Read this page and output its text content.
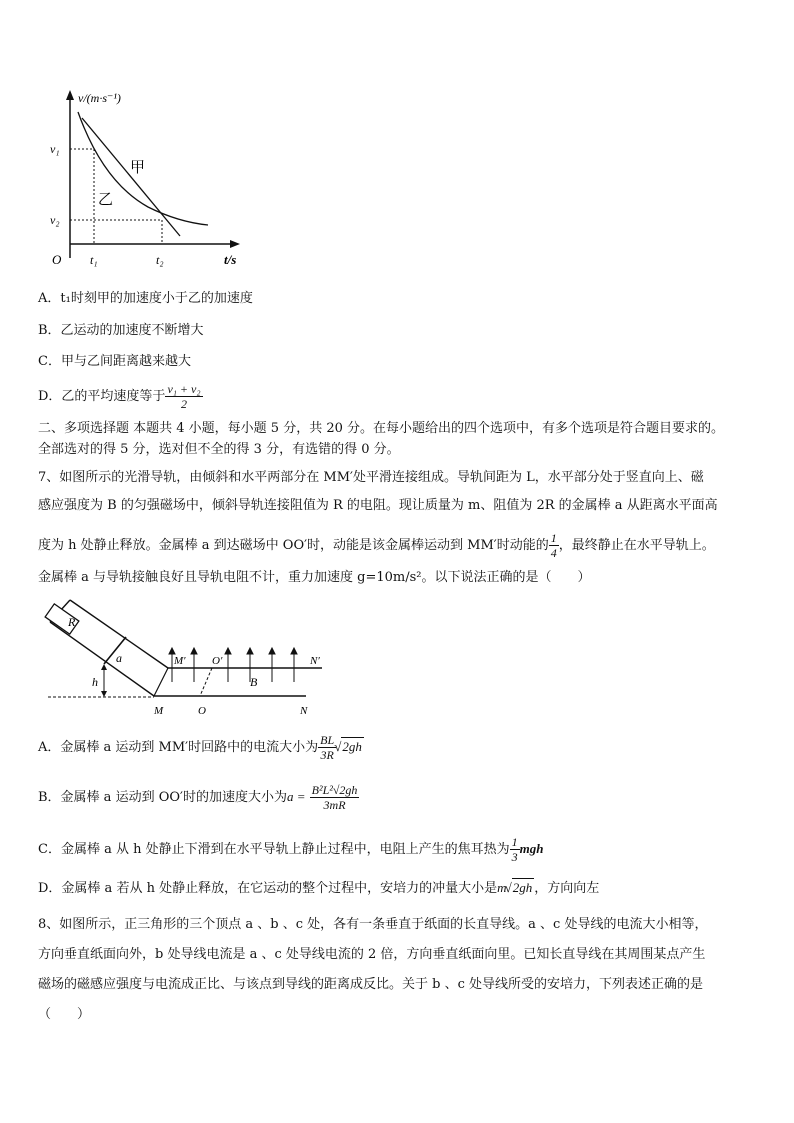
v/(m·s⁻¹)
v₁
v₂
O t₁	t₂	t/s
甲
乙
A．t₁时刻甲的加速度小于乙的加速度
B．乙运动的加速度不断增大
C．甲与乙间距离越来越大
D．乙的平均速度等于 $\frac{\text{v₁ + v₂}}{2}$
二、多项选择题 本题共 4 小题，每小题 5 分，共 20 分。在每小题给出的四个选项中，有多个选项是符合题目要求的。
全部选对的得 5 分，选对但不全的得 3 分，有选错的得 0 分。
7、如图所示的光滑导轨，由倾斜和水平两部分在 MM′处平滑连接组成。导轨间距为 L，水平部分处于竖直向上、磁
感应强度为 B 的匀强磁场中，倾斜导轨连接阻值为 R 的电阻。现让质量为 m、阻值为 2R 的金属棒 a 从距离水平面高
度为 h 处静止释放。金属棒 a 到达磁场中 OO′时，动能是该金属棒运动到 MM′时动能的 $\frac{1}{4}$ ，最终静止在水平导轨上。
金属棒 a 与导轨接触良好且导轨电阻不计，重力加速度 g=10m/s²。以下说法正确的是（　　）
R
a
h
M′ O′	N′
B
M	O	N
A．金属棒 a 运动到 MM′时回路中的电流大小为 $\frac{BL}{3R}$ √ 2gh
B．金属棒 a 运动到 OO′时的加速度大小为$a = \frac{\text{B²L²√2gh}}{3mR}$
C．金属棒 a 从 h 处静止下滑到在水平导轨上静止过程中，电阻上产生的焦耳热为 $\frac{1}{3}$ mgh
D．金属棒 a 若从 h 处静止释放，在它运动的整个过程中，安培力的冲量大小是m √ 2gh ，方向向左
8、如图所示，正三角形的三个顶点 a 、b 、c 处，各有一条垂直于纸面的长直导线。a 、c 处导线的电流大小相等，
方向垂直纸面向外，b 处导线电流是 a 、c 处导线电流的 2 倍，方向垂直纸面向里。已知长直导线在其周围某点产生
磁场的磁感应强度与电流成正比、与该点到导线的距离成反比。关于 b 、c 处导线所受的安培力，下列表述正确的是
（　　）
